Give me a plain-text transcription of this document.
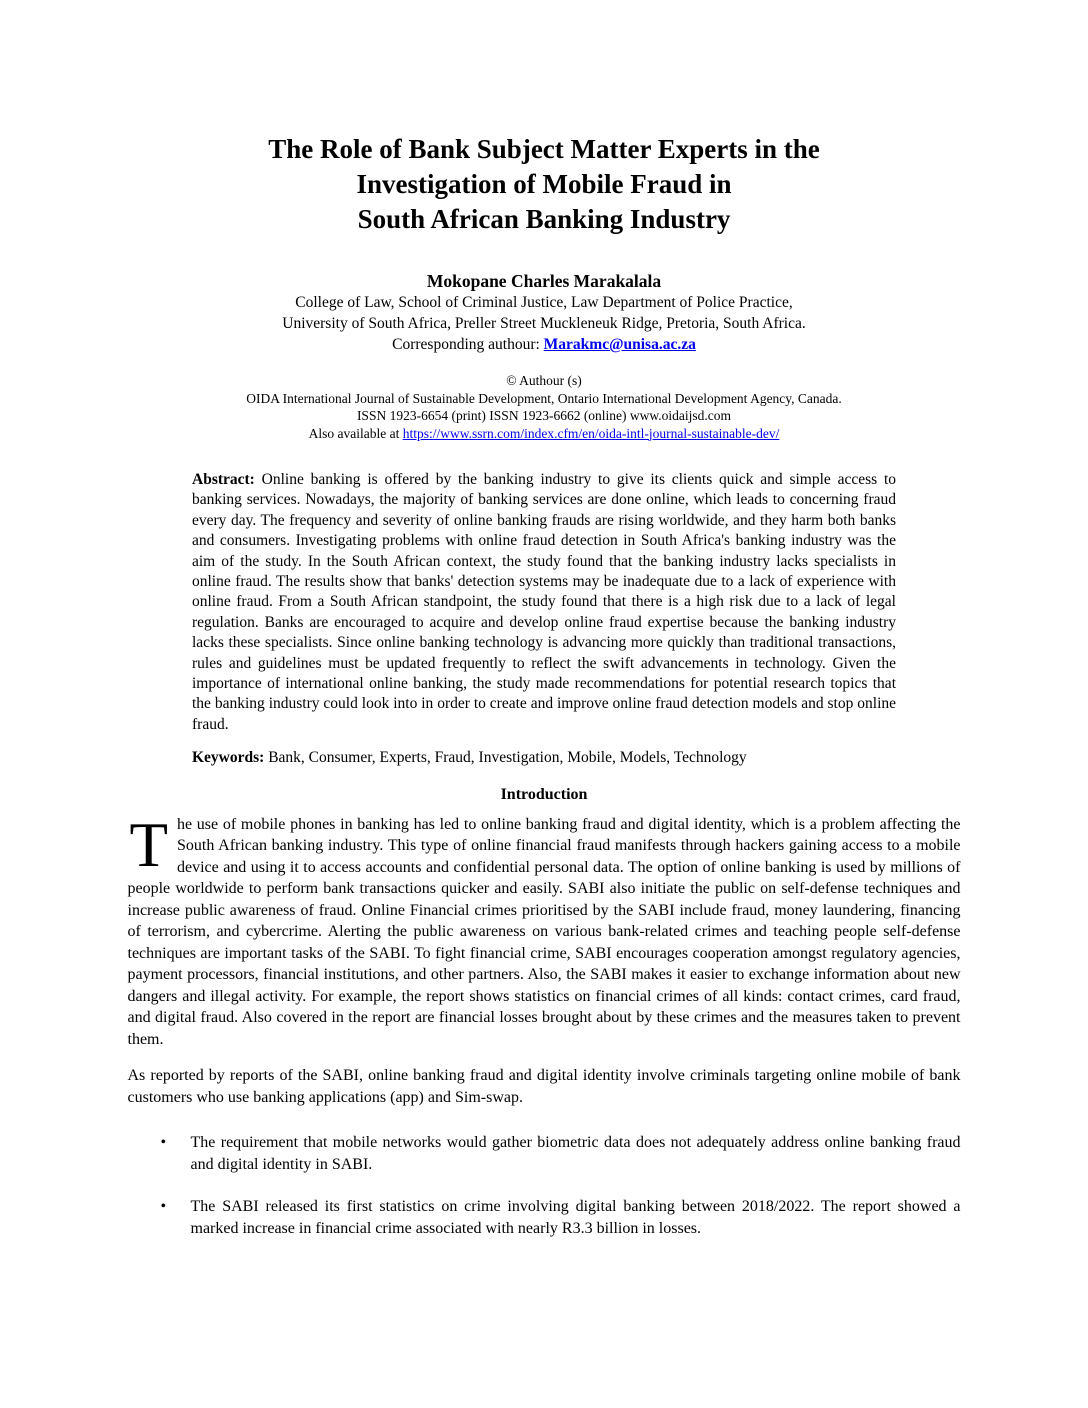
The Role of Bank Subject Matter Experts in the
Investigation of Mobile Fraud in
South African Banking Industry
Mokopane Charles Marakalala
College of Law, School of Criminal Justice, Law Department of Police Practice,
University of South Africa, Preller Street Muckleneuk Ridge, Pretoria, South Africa.
Corresponding authour: Marakmc@unisa.ac.za
© Authour (s)
OIDA International Journal of Sustainable Development, Ontario International Development Agency, Canada.
ISSN 1923-6654 (print) ISSN 1923-6662 (online) www.oidaijsd.com
Also available at https://www.ssrn.com/index.cfm/en/oida-intl-journal-sustainable-dev/

Abstract: Online banking is offered by the banking industry to give its clients quick and simple access to banking services. Nowadays, the majority of banking services are done online, which leads to concerning fraud every day. The frequency and severity of online banking frauds are rising worldwide, and they harm both banks and consumers. Investigating problems with online fraud detection in South Africa's banking industry was the aim of the study. In the South African context, the study found that the banking industry lacks specialists in online fraud. The results show that banks' detection systems may be inadequate due to a lack of experience with online fraud. From a South African standpoint, the study found that there is a high risk due to a lack of legal regulation. Banks are encouraged to acquire and develop online fraud expertise because the banking industry lacks these specialists. Since online banking technology is advancing more quickly than traditional transactions, rules and guidelines must be updated frequently to reflect the swift advancements in technology. Given the importance of international online banking, the study made recommendations for potential research topics that the banking industry could look into in order to create and improve online fraud detection models and stop online fraud.

Keywords: Bank, Consumer, Experts, Fraud, Investigation, Mobile, Models, Technology

Introduction

The use of mobile phones in banking has led to online banking fraud and digital identity, which is a problem affecting the South African banking industry. This type of online financial fraud manifests through hackers gaining access to a mobile device and using it to access accounts and confidential personal data. The option of online banking is used by millions of people worldwide to perform bank transactions quicker and easily. SABI also initiate the public on self-defense techniques and increase public awareness of fraud. Online Financial crimes prioritised by the SABI include fraud, money laundering, financing of terrorism, and cybercrime. Alerting the public awareness on various bank-related crimes and teaching people self-defense techniques are important tasks of the SABI. To fight financial crime, SABI encourages cooperation amongst regulatory agencies, payment processors, financial institutions, and other partners. Also, the SABI makes it easier to exchange information about new dangers and illegal activity. For example, the report shows statistics on financial crimes of all kinds: contact crimes, card fraud, and digital fraud. Also covered in the report are financial losses brought about by these crimes and the measures taken to prevent them.

As reported by reports of the SABI, online banking fraud and digital identity involve criminals targeting online mobile of bank customers who use banking applications (app) and Sim-swap.

•	The requirement that mobile networks would gather biometric data does not adequately address online banking fraud and digital identity in SABI.
•	The SABI released its first statistics on crime involving digital banking between 2018/2022. The report showed a marked increase in financial crime associated with nearly R3.3 billion in losses.
